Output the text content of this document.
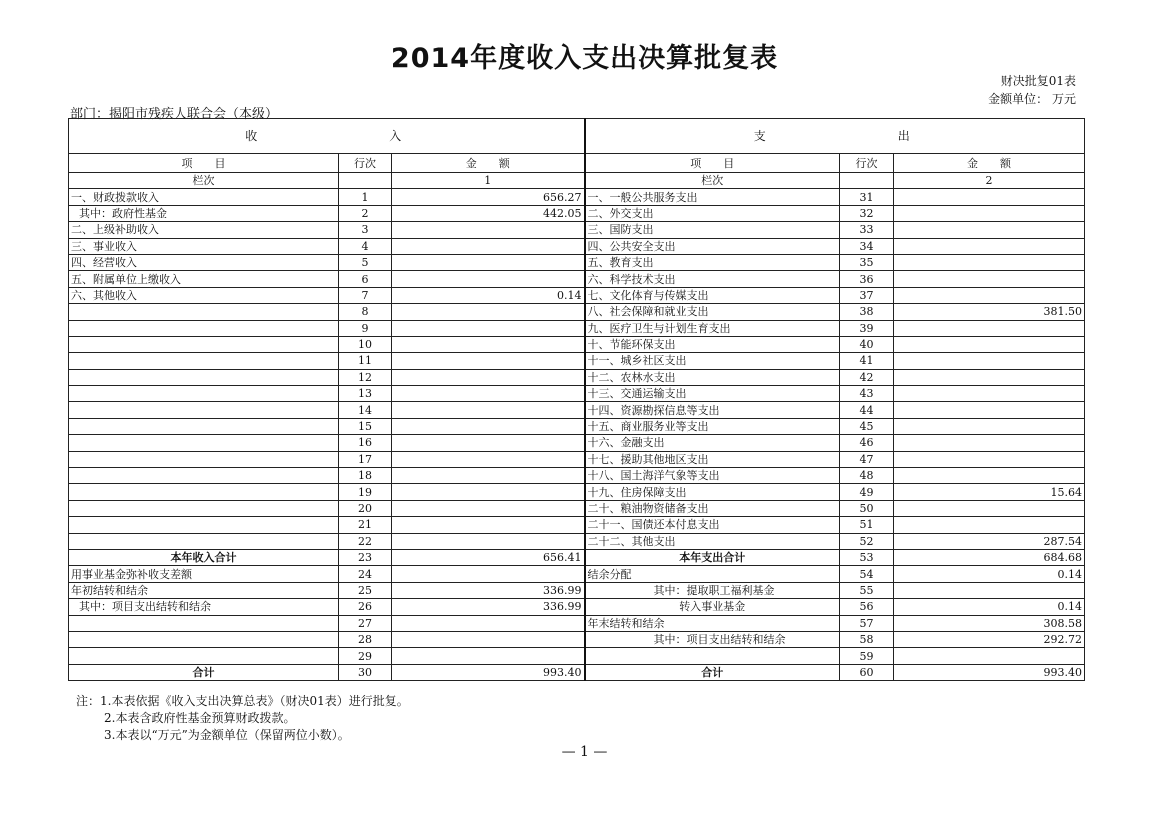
2014年度收入支出决算批复表
财决批复01表
金额单位： 万元
部门：揭阳市残疾人联合会（本级）
收　　　　　　　入			支　　　　　　　出		
项　　目	行次	金　　额	项　　目	行次	金　　额
栏次		1	栏次		2
一、财政拨款收入	1	656.27	一、一般公共服务支出	31	
其中：政府性基金	2	442.05	二、外交支出	32	
二、上级补助收入	3		三、国防支出	33	
三、事业收入	4		四、公共安全支出	34	
四、经营收入	5		五、教育支出	35	
五、附属单位上缴收入	6		六、科学技术支出	36	
六、其他收入	7	0.14	七、文化体育与传媒支出	37	
	8		八、社会保障和就业支出	38	381.50
	9		九、医疗卫生与计划生育支出	39	
	10		十、节能环保支出	40	
	11		十一、城乡社区支出	41	
	12		十二、农林水支出	42	
	13		十三、交通运输支出	43	
	14		十四、资源勘探信息等支出	44	
	15		十五、商业服务业等支出	45	
	16		十六、金融支出	46	
	17		十七、援助其他地区支出	47	
	18		十八、国土海洋气象等支出	48	
	19		十九、住房保障支出	49	15.64
	20		二十、粮油物资储备支出	50	
	21		二十一、国债还本付息支出	51	
	22		二十二、其他支出	52	287.54
本年收入合计	23	656.41	本年支出合计	53	684.68
用事业基金弥补收支差额	24		结余分配	54	0.14
年初结转和结余	25	336.99	其中：提取职工福利基金	55	
其中：项目支出结转和结余	26	336.99	转入事业基金	56	0.14
	27		年末结转和结余	57	308.58
	28		其中：项目支出结转和结余	58	292.72
	29			59	
合计	30	993.40	合计	60	993.40
注：1.本表依据《收入支出决算总表》（财决01表）进行批复。
2.本表含政府性基金预算财政拨款。
3.本表以“万元”为金额单位（保留两位小数）。
— 1 —
